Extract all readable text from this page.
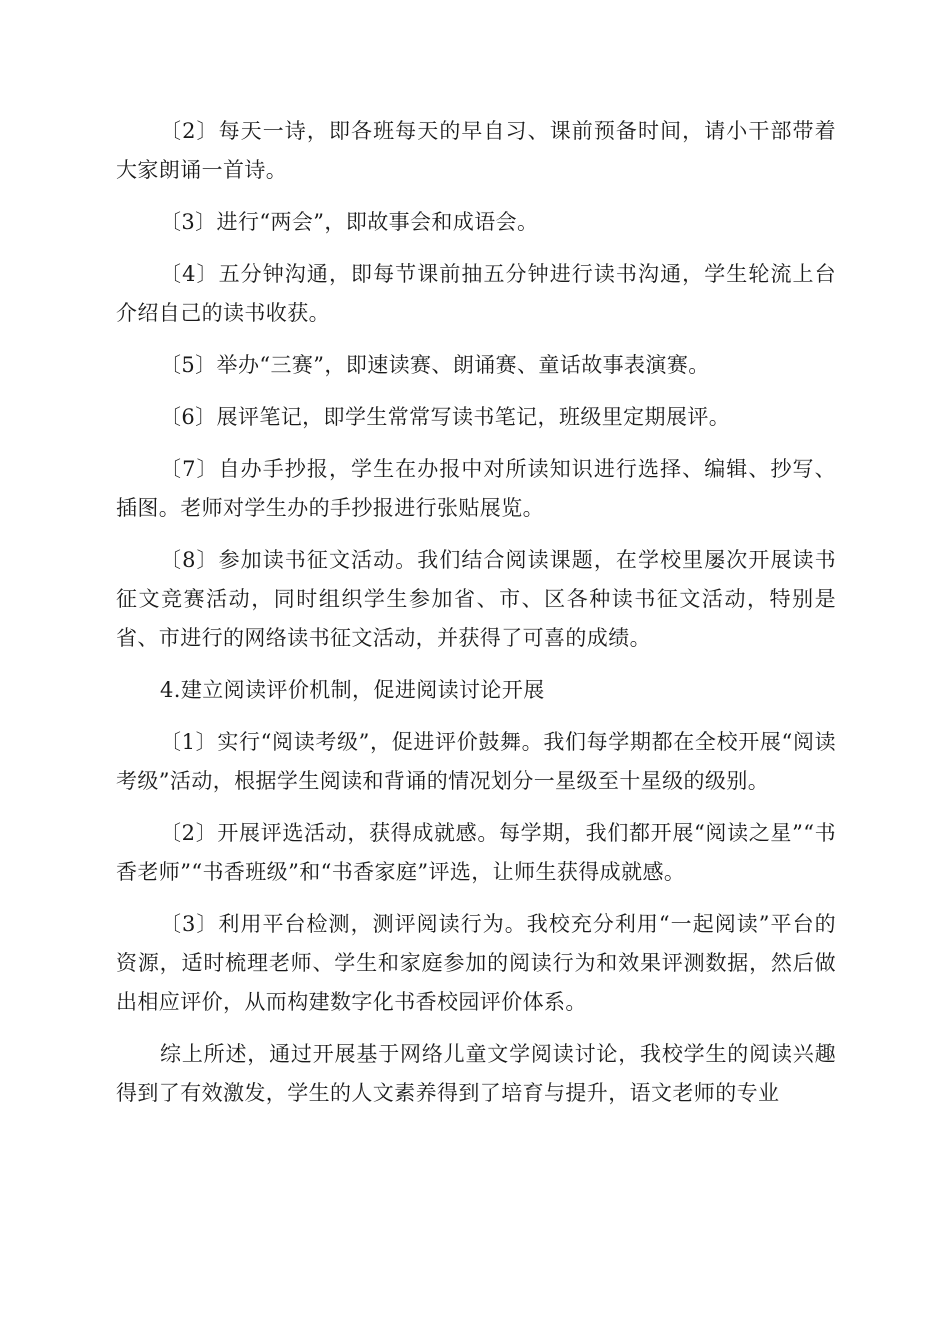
〔2〕每天一诗，即各班每天的早自习、课前预备时间，请小干部带着大家朗诵一首诗。

〔3〕进行“两会”，即故事会和成语会。

〔4〕五分钟沟通，即每节课前抽五分钟进行读书沟通，学生轮流上台介绍自己的读书收获。

〔5〕举办“三赛”，即速读赛、朗诵赛、童话故事表演赛。

〔6〕展评笔记，即学生常常写读书笔记，班级里定期展评。

〔7〕自办手抄报，学生在办报中对所读知识进行选择、编辑、抄写、插图。老师对学生办的手抄报进行张贴展览。

〔8〕参加读书征文活动。我们结合阅读课题，在学校里屡次开展读书征文竞赛活动，同时组织学生参加省、市、区各种读书征文活动，特别是省、市进行的网络读书征文活动，并获得了可喜的成绩。

4.建立阅读评价机制，促进阅读讨论开展

〔1〕实行“阅读考级”，促进评价鼓舞。我们每学期都在全校开展“阅读考级”活动，根据学生阅读和背诵的情况划分一星级至十星级的级别。

〔2〕开展评选活动，获得成就感。每学期，我们都开展“阅读之星”“书香老师”“书香班级”和“书香家庭”评选，让师生获得成就感。

〔3〕利用平台检测，测评阅读行为。我校充分利用“一起阅读”平台的资源，适时梳理老师、学生和家庭参加的阅读行为和效果评测数据，然后做出相应评价，从而构建数字化书香校园评价体系。

综上所述，通过开展基于网络儿童文学阅读讨论，我校学生的阅读兴趣得到了有效激发，学生的人文素养得到了培育与提升，语文老师的专业
